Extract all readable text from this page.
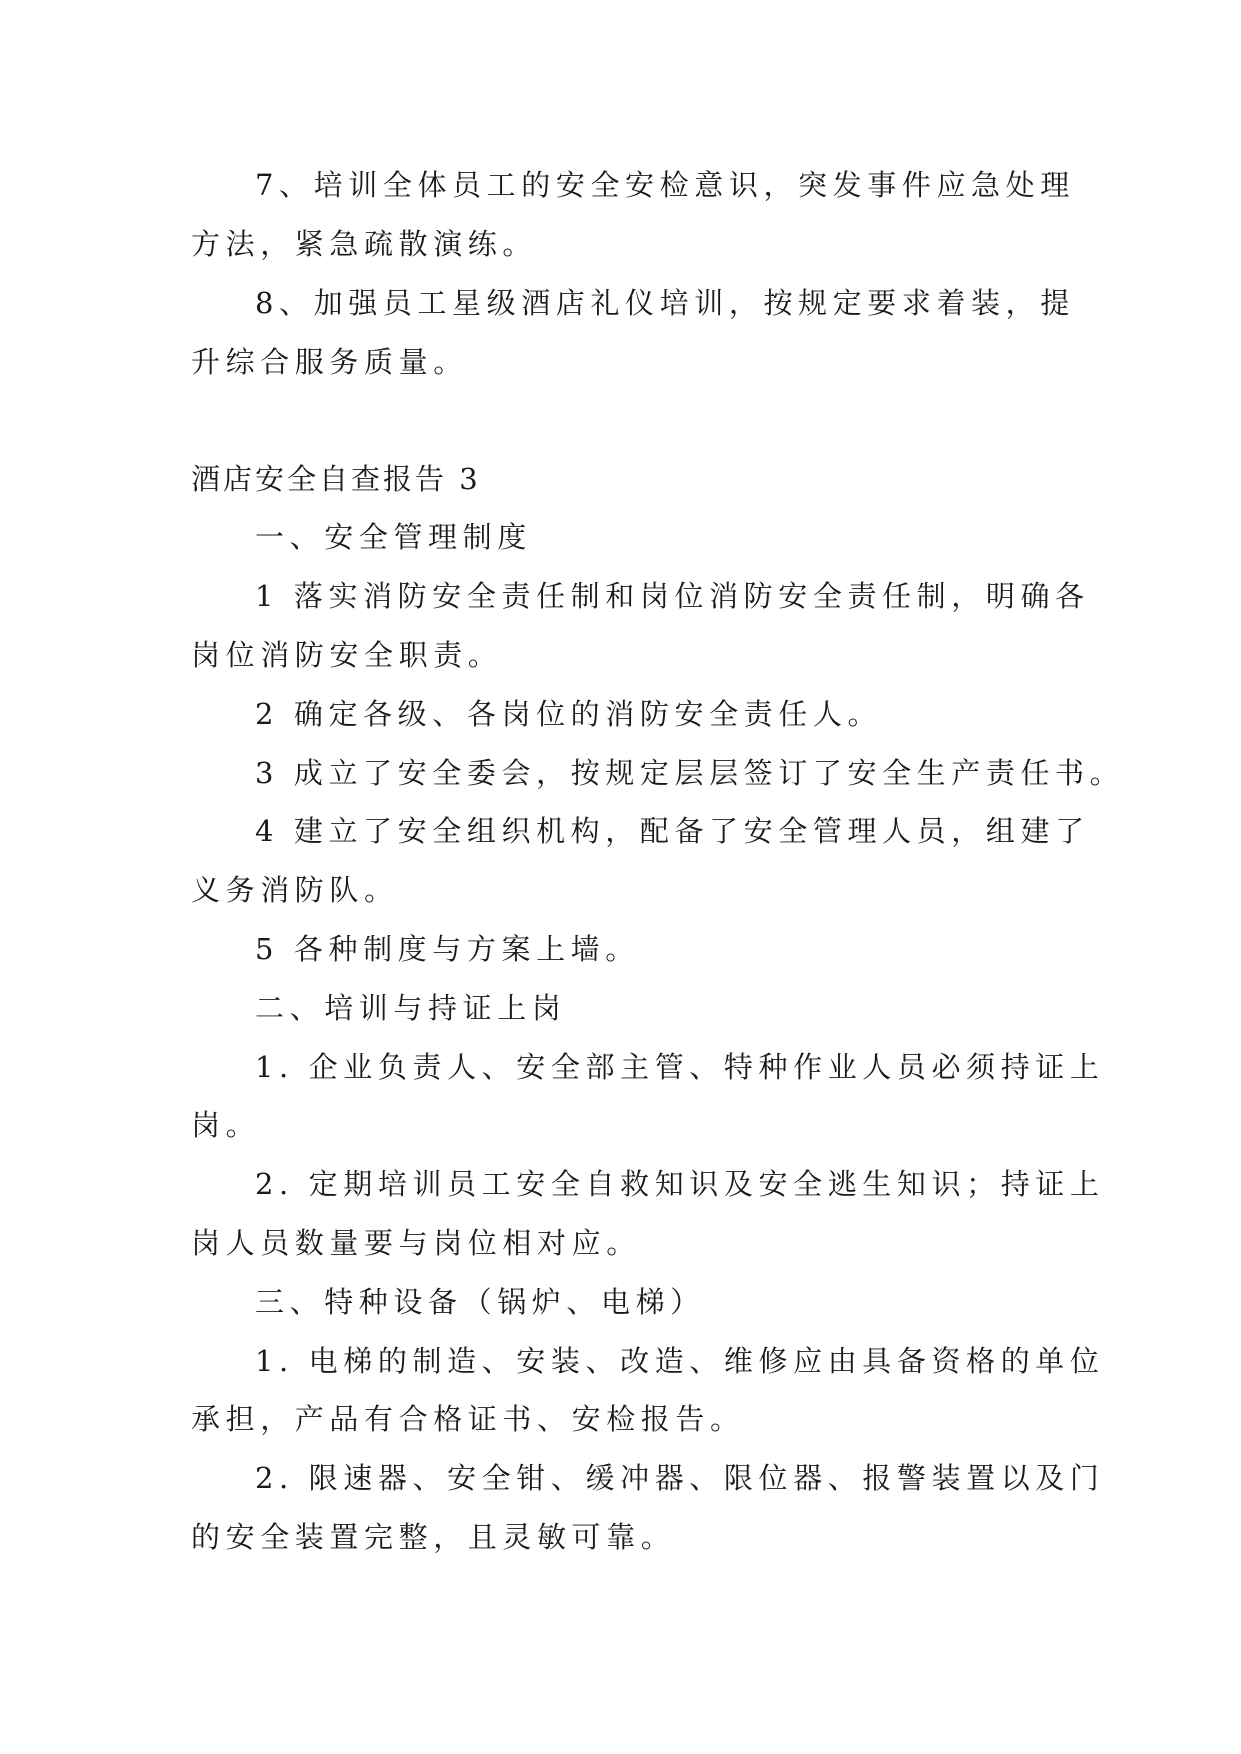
7、培训全体员工的安全安检意识，突发事件应急处理
方法，紧急疏散演练。
8、加强员工星级酒店礼仪培训，按规定要求着装，提
升综合服务质量。
酒店安全自查报告 3
一、安全管理制度
1 落实消防安全责任制和岗位消防安全责任制，明确各
岗位消防安全职责。
2 确定各级、各岗位的消防安全责任人。
3 成立了安全委会，按规定层层签订了安全生产责任书。
4 建立了安全组织机构，配备了安全管理人员，组建了
义务消防队。
5 各种制度与方案上墙。
二、培训与持证上岗
1. 企业负责人、安全部主管、特种作业人员必须持证上
岗。
2. 定期培训员工安全自救知识及安全逃生知识；持证上
岗人员数量要与岗位相对应。
三、特种设备（锅炉、电梯）
1. 电梯的制造、安装、改造、维修应由具备资格的单位
承担，产品有合格证书、安检报告。
2. 限速器、安全钳、缓冲器、限位器、报警装置以及门
的安全装置完整，且灵敏可靠。
